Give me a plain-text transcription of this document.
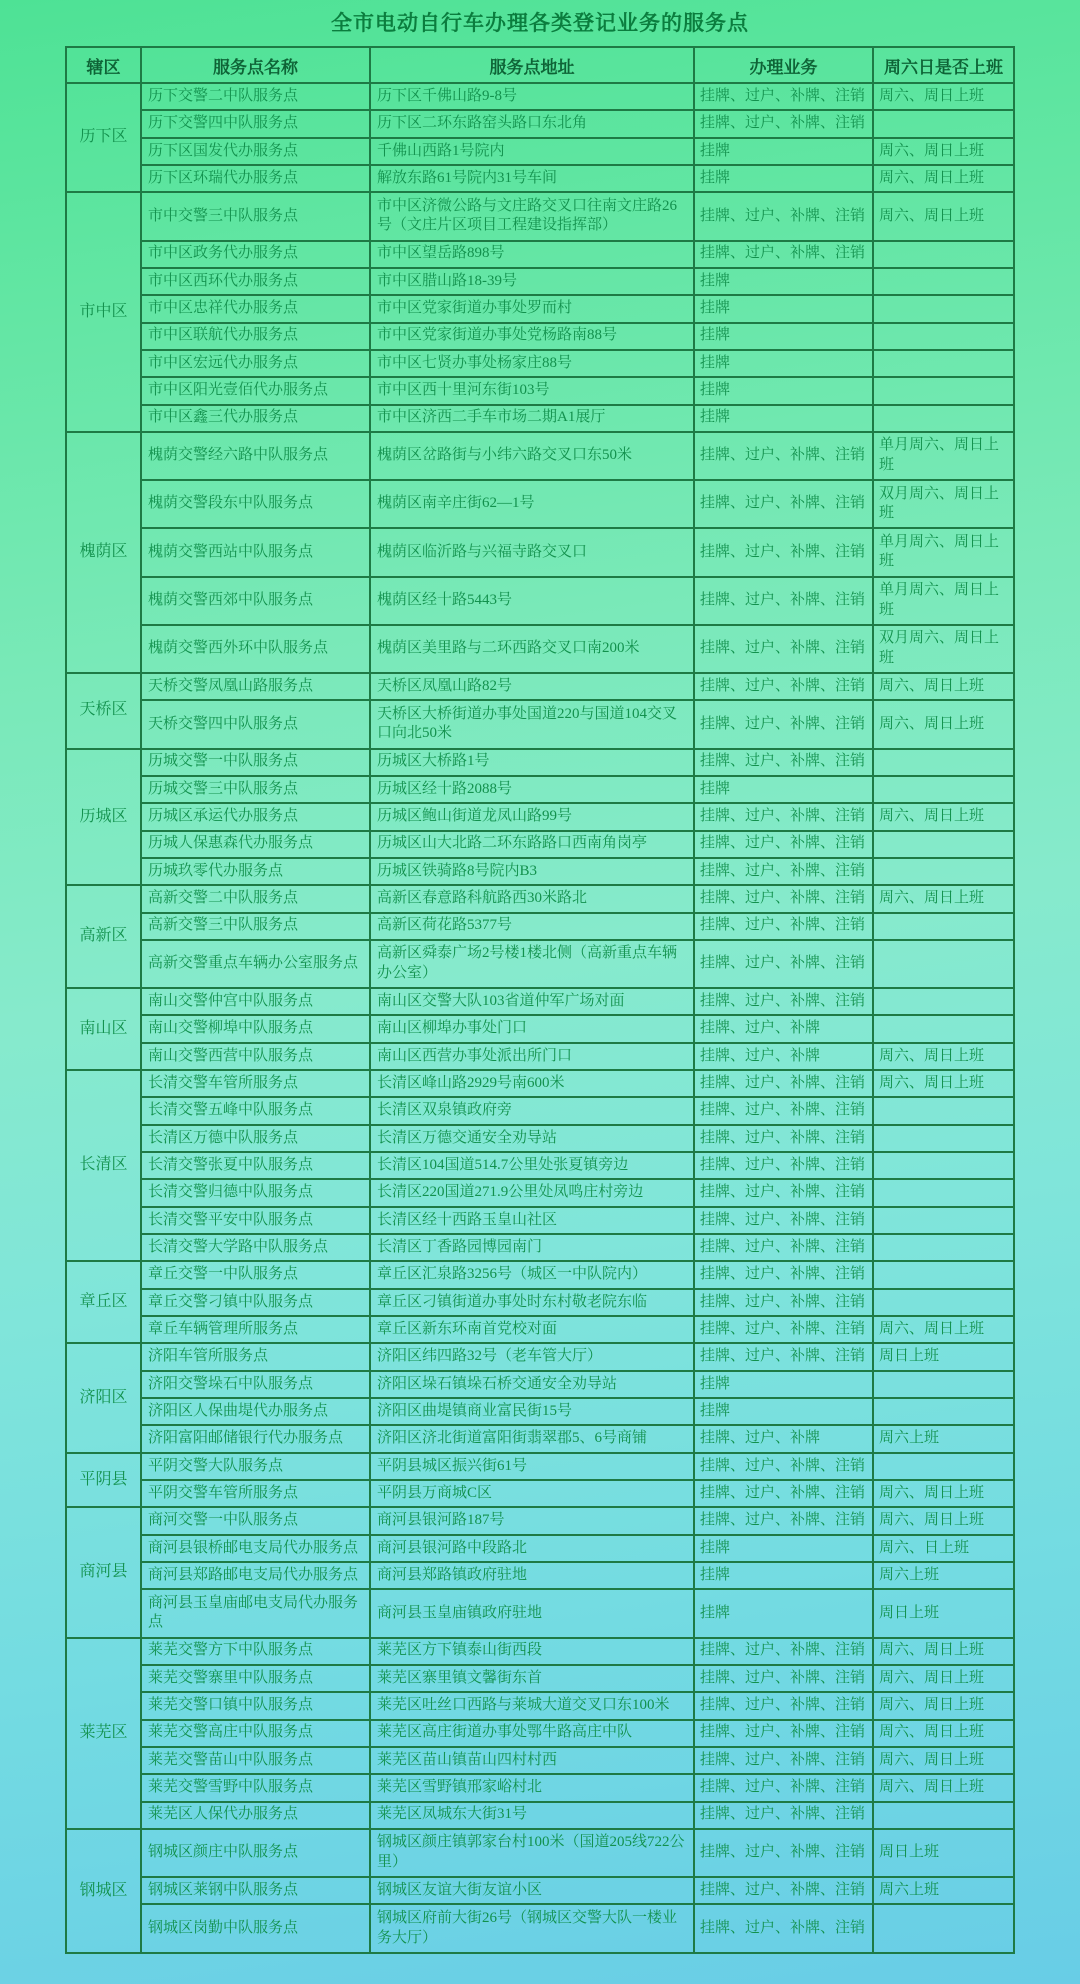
全市电动自行车办理各类登记业务的服务点
辖区	服务点名称	服务点地址	办理业务	周六日是否上班
历下区	历下交警二中队服务点	历下区千佛山路9-8号	挂牌、过户、补牌、注销	周六、周日上班
	历下交警四中队服务点	历下区二环东路窑头路口东北角	挂牌、过户、补牌、注销	
	历下区国发代办服务点	千佛山西路1号院内	挂牌	周六、周日上班
	历下区环瑞代办服务点	解放东路61号院内31号车间	挂牌	周六、周日上班
市中区	市中交警三中队服务点	市中区济微公路与文庄路交叉口往南文庄路26号（文庄片区项目工程建设指挥部）	挂牌、过户、补牌、注销	周六、周日上班
	市中区政务代办服务点	市中区望岳路898号	挂牌、过户、补牌、注销	
	市中区西环代办服务点	市中区腊山路18-39号	挂牌	
	市中区忠祥代办服务点	市中区党家街道办事处罗而村	挂牌	
	市中区联航代办服务点	市中区党家街道办事处党杨路南88号	挂牌	
	市中区宏远代办服务点	市中区七贤办事处杨家庄88号	挂牌	
	市中区阳光壹佰代办服务点	市中区西十里河东街103号	挂牌	
	市中区鑫三代办服务点	市中区济西二手车市场二期A1展厅	挂牌	
槐荫区	槐荫交警经六路中队服务点	槐荫区岔路街与小纬六路交叉口东50米	挂牌、过户、补牌、注销	单月周六、周日上班
	槐荫交警段东中队服务点	槐荫区南辛庄街62—1号	挂牌、过户、补牌、注销	双月周六、周日上班
	槐荫交警西站中队服务点	槐荫区临沂路与兴福寺路交叉口	挂牌、过户、补牌、注销	单月周六、周日上班
	槐荫交警西郊中队服务点	槐荫区经十路5443号	挂牌、过户、补牌、注销	单月周六、周日上班
	槐荫交警西外环中队服务点	槐荫区美里路与二环西路交叉口南200米	挂牌、过户、补牌、注销	双月周六、周日上班
天桥区	天桥交警凤凰山路服务点	天桥区凤凰山路82号	挂牌、过户、补牌、注销	周六、周日上班
	天桥交警四中队服务点	天桥区大桥街道办事处国道220与国道104交叉口向北50米	挂牌、过户、补牌、注销	周六、周日上班
历城区	历城交警一中队服务点	历城区大桥路1号	挂牌、过户、补牌、注销	
	历城交警三中队服务点	历城区经十路2088号	挂牌	
	历城区承运代办服务点	历城区鲍山街道龙凤山路99号	挂牌、过户、补牌、注销	周六、周日上班
	历城人保惠森代办服务点	历城区山大北路二环东路路口西南角岗亭	挂牌、过户、补牌、注销	
	历城玖零代办服务点	历城区铁骑路8号院内B3	挂牌、过户、补牌、注销	
高新区	高新交警二中队服务点	高新区春意路科航路西30米路北	挂牌、过户、补牌、注销	周六、周日上班
	高新交警三中队服务点	高新区荷花路5377号	挂牌、过户、补牌、注销	
	高新交警重点车辆办公室服务点	高新区舜泰广场2号楼1楼北侧（高新重点车辆办公室）	挂牌、过户、补牌、注销	
南山区	南山交警仲宫中队服务点	南山区交警大队103省道仲军广场对面	挂牌、过户、补牌、注销	
	南山交警柳埠中队服务点	南山区柳埠办事处门口	挂牌、过户、补牌	
	南山交警西营中队服务点	南山区西营办事处派出所门口	挂牌、过户、补牌	周六、周日上班
长清区	长清交警车管所服务点	长清区峰山路2929号南600米	挂牌、过户、补牌、注销	周六、周日上班
	长清交警五峰中队服务点	长清区双泉镇政府旁	挂牌、过户、补牌、注销	
	长清区万德中队服务点	长清区万德交通安全劝导站	挂牌、过户、补牌、注销	
	长清交警张夏中队服务点	长清区104国道514.7公里处张夏镇旁边	挂牌、过户、补牌、注销	
	长清交警归德中队服务点	长清区220国道271.9公里处凤鸣庄村旁边	挂牌、过户、补牌、注销	
	长清交警平安中队服务点	长清区经十西路玉皇山社区	挂牌、过户、补牌、注销	
	长清交警大学路中队服务点	长清区丁香路园博园南门	挂牌、过户、补牌、注销	
章丘区	章丘交警一中队服务点	章丘区汇泉路3256号（城区一中队院内）	挂牌、过户、补牌、注销	
	章丘交警刁镇中队服务点	章丘区刁镇街道办事处时东村敬老院东临	挂牌、过户、补牌、注销	
	章丘车辆管理所服务点	章丘区新东环南首党校对面	挂牌、过户、补牌、注销	周六、周日上班
济阳区	济阳车管所服务点	济阳区纬四路32号（老车管大厅）	挂牌、过户、补牌、注销	周日上班
	济阳交警垛石中队服务点	济阳区垛石镇垛石桥交通安全劝导站	挂牌	
	济阳区人保曲堤代办服务点	济阳区曲堤镇商业富民街15号	挂牌	
	济阳富阳邮储银行代办服务点	济阳区济北街道富阳街翡翠郡5、6号商铺	挂牌、过户、补牌	周六上班
平阴县	平阴交警大队服务点	平阴县城区振兴街61号	挂牌、过户、补牌、注销	
	平阴交警车管所服务点	平阴县万商城C区	挂牌、过户、补牌、注销	周六、周日上班
商河县	商河交警一中队服务点	商河县银河路187号	挂牌、过户、补牌、注销	周六、周日上班
	商河县银桥邮电支局代办服务点	商河县银河路中段路北	挂牌	周六、日上班
	商河县郑路邮电支局代办服务点	商河县郑路镇政府驻地	挂牌	周六上班
	商河县玉皇庙邮电支局代办服务点	商河县玉皇庙镇政府驻地	挂牌	周日上班
莱芜区	莱芜交警方下中队服务点	莱芜区方下镇泰山街西段	挂牌、过户、补牌、注销	周六、周日上班
	莱芜交警寨里中队服务点	莱芜区寨里镇文馨街东首	挂牌、过户、补牌、注销	周六、周日上班
	莱芜交警口镇中队服务点	莱芜区吐丝口西路与莱城大道交叉口东100米	挂牌、过户、补牌、注销	周六、周日上班
	莱芜交警高庄中队服务点	莱芜区高庄街道办事处鄂牛路高庄中队	挂牌、过户、补牌、注销	周六、周日上班
	莱芜交警苗山中队服务点	莱芜区苗山镇苗山四村村西	挂牌、过户、补牌、注销	周六、周日上班
	莱芜交警雪野中队服务点	莱芜区雪野镇邢家峪村北	挂牌、过户、补牌、注销	周六、周日上班
	莱芜区人保代办服务点	莱芜区凤城东大街31号	挂牌、过户、补牌、注销	
钢城区	钢城区颜庄中队服务点	钢城区颜庄镇郭家台村100米（国道205线722公里）	挂牌、过户、补牌、注销	周日上班
	钢城区莱钢中队服务点	钢城区友谊大街友谊小区	挂牌、过户、补牌、注销	周六上班
	钢城区岗勤中队服务点	钢城区府前大街26号（钢城区交警大队一楼业务大厅）	挂牌、过户、补牌、注销	
